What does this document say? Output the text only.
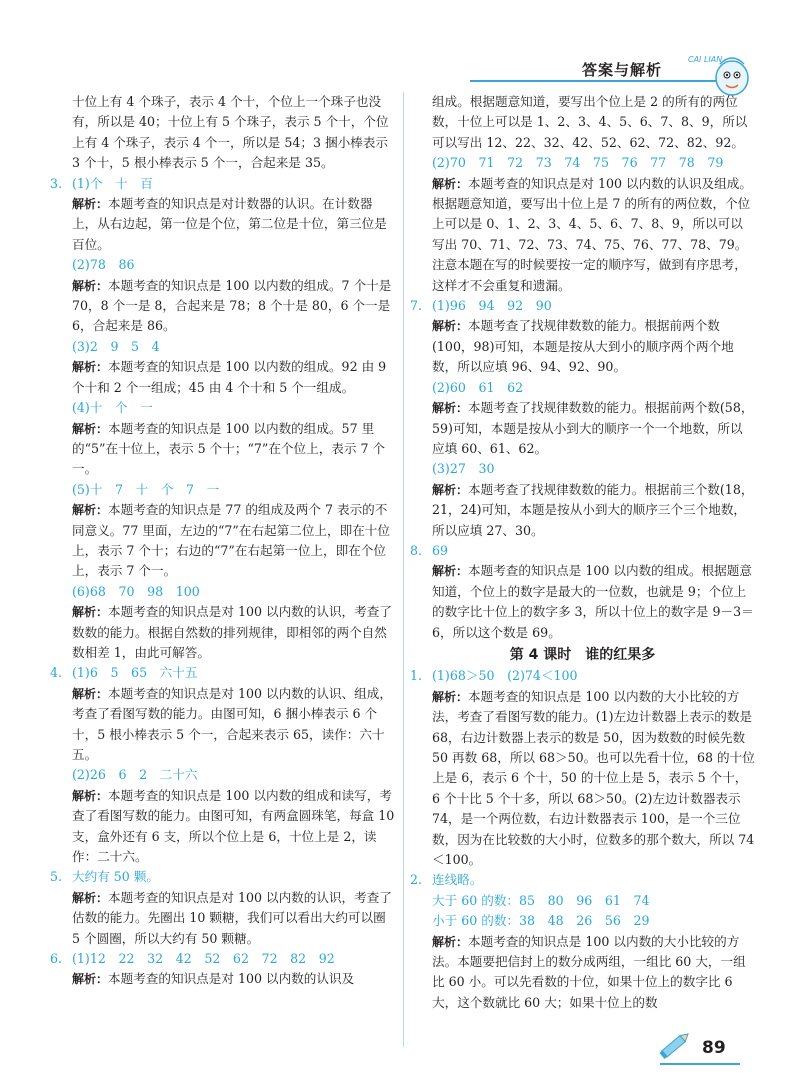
答案与解析
CAI LIAN
十位上有 4 个珠子，表示 4 个十，个位上一个珠子也没有，所以是 40；十位上有 5 个珠子，表示 5 个十，个位上有 4 个珠子，表示 4 个一，所以是 54；3 捆小棒表示 3 个十，5 根小棒表示 5 个一，合起来是 35。
3. (1)个　十　百
解析：本题考查的知识点是对计数器的认识。在计数器上，从右边起，第一位是个位，第二位是十位，第三位是百位。
(2)78　86
解析：本题考查的知识点是 100 以内数的组成。7 个十是 70，8 个一是 8，合起来是 78；8 个十是 80，6 个一是 6，合起来是 86。
(3)2　9　5　4
解析：本题考查的知识点是 100 以内数的组成。92 由 9 个十和 2 个一组成；45 由 4 个十和 5 个一组成。
(4)十　个　一
解析：本题考查的知识点是 100 以内数的组成。57 里的“5”在十位上，表示 5 个十；“7”在个位上，表示 7 个一。
(5)十　7　十　个　7　一
解析：本题考查的知识点是 77 的组成及两个 7 表示的不同意义。77 里面，左边的“7”在右起第二位上，即在十位上，表示 7 个十；右边的“7”在右起第一位上，即在个位上，表示 7 个一。
(6)68　70　98　100
解析：本题考查的知识点是对 100 以内数的认识，考查了数数的能力。根据自然数的排列规律，即相邻的两个自然数相差 1，由此可解答。
4. (1)6　5　65　六十五
解析：本题考查的知识点是对 100 以内数的认识、组成，考查了看图写数的能力。由图可知，6 捆小棒表示 6 个十，5 根小棒表示 5 个一，合起来表示 65，读作：六十五。
(2)26　6　2　二十六
解析：本题考查的知识点是 100 以内数的组成和读写，考查了看图写数的能力。由图可知，有两盒圆珠笔，每盒 10 支，盒外还有 6 支，所以个位上是 6，十位上是 2，读作：二十六。
5. 大约有 50 颗。
解析：本题考查的知识点是对 100 以内数的认识，考查了估数的能力。先圈出 10 颗糖，我们可以看出大约可以圈 5 个圆圈，所以大约有 50 颗糖。
6. (1)12　22　32　42　52　62　72　82　92
解析：本题考查的知识点是对 100 以内数的认识及
组成。根据题意知道，要写出个位上是 2 的所有的两位数，十位上可以是 1、2、3、4、5、6、7、8、9，所以可以写出 12、22、32、42、52、62、72、82、92。
(2)70　71　72　73　74　75　76　77　78　79
解析：本题考查的知识点是对 100 以内数的认识及组成。根据题意知道，要写出十位上是 7 的所有的两位数，个位上可以是 0、1、2、3、4、5、6、7、8、9，所以可以写出 70、71、72、73、74、75、76、77、78、79。注意本题在写的时候要按一定的顺序写，做到有序思考，这样才不会重复和遗漏。
7. (1)96　94　92　90
解析：本题考查了找规律数数的能力。根据前两个数(100，98)可知，本题是按从大到小的顺序两个两个地数，所以应填 96、94、92、90。
(2)60　61　62
解析：本题考查了找规律数数的能力。根据前两个数(58，59)可知，本题是按从小到大的顺序一个一个地数，所以应填 60、61、62。
(3)27　30
解析：本题考查了找规律数数的能力。根据前三个数(18，21，24)可知，本题是按从小到大的顺序三个三个地数，所以应填 27、30。
8. 69
解析：本题考查的知识点是 100 以内数的组成。根据题意知道，个位上的数字是最大的一位数，也就是 9；个位上的数字比十位上的数字多 3，所以十位上的数字是 9－3＝6，所以这个数是 69。
第 4 课时　谁的红果多
1. (1)68＞50　(2)74＜100
解析：本题考查的知识点是 100 以内数的大小比较的方法，考查了看图写数的能力。(1)左边计数器上表示的数是 68，右边计数器上表示的数是 50，因为数数的时候先数 50 再数 68，所以 68＞50。也可以先看十位，68 的十位上是 6，表示 6 个十，50 的十位上是 5，表示 5 个十，6 个十比 5 个十多，所以 68＞50。(2)左边计数器表示 74，是一个两位数，右边计数器表示 100，是一个三位数，因为在比较数的大小时，位数多的那个数大，所以 74＜100。
2. 连线略。
大于 60 的数：85　80　96　61　74
小于 60 的数：38　48　26　56　29
解析：本题考查的知识点是 100 以内数的大小比较的方法。本题要把信封上的数分成两组，一组比 60 大，一组比 60 小。可以先看数的十位，如果十位上的数字比 6 大，这个数就比 60 大；如果十位上的数
89
